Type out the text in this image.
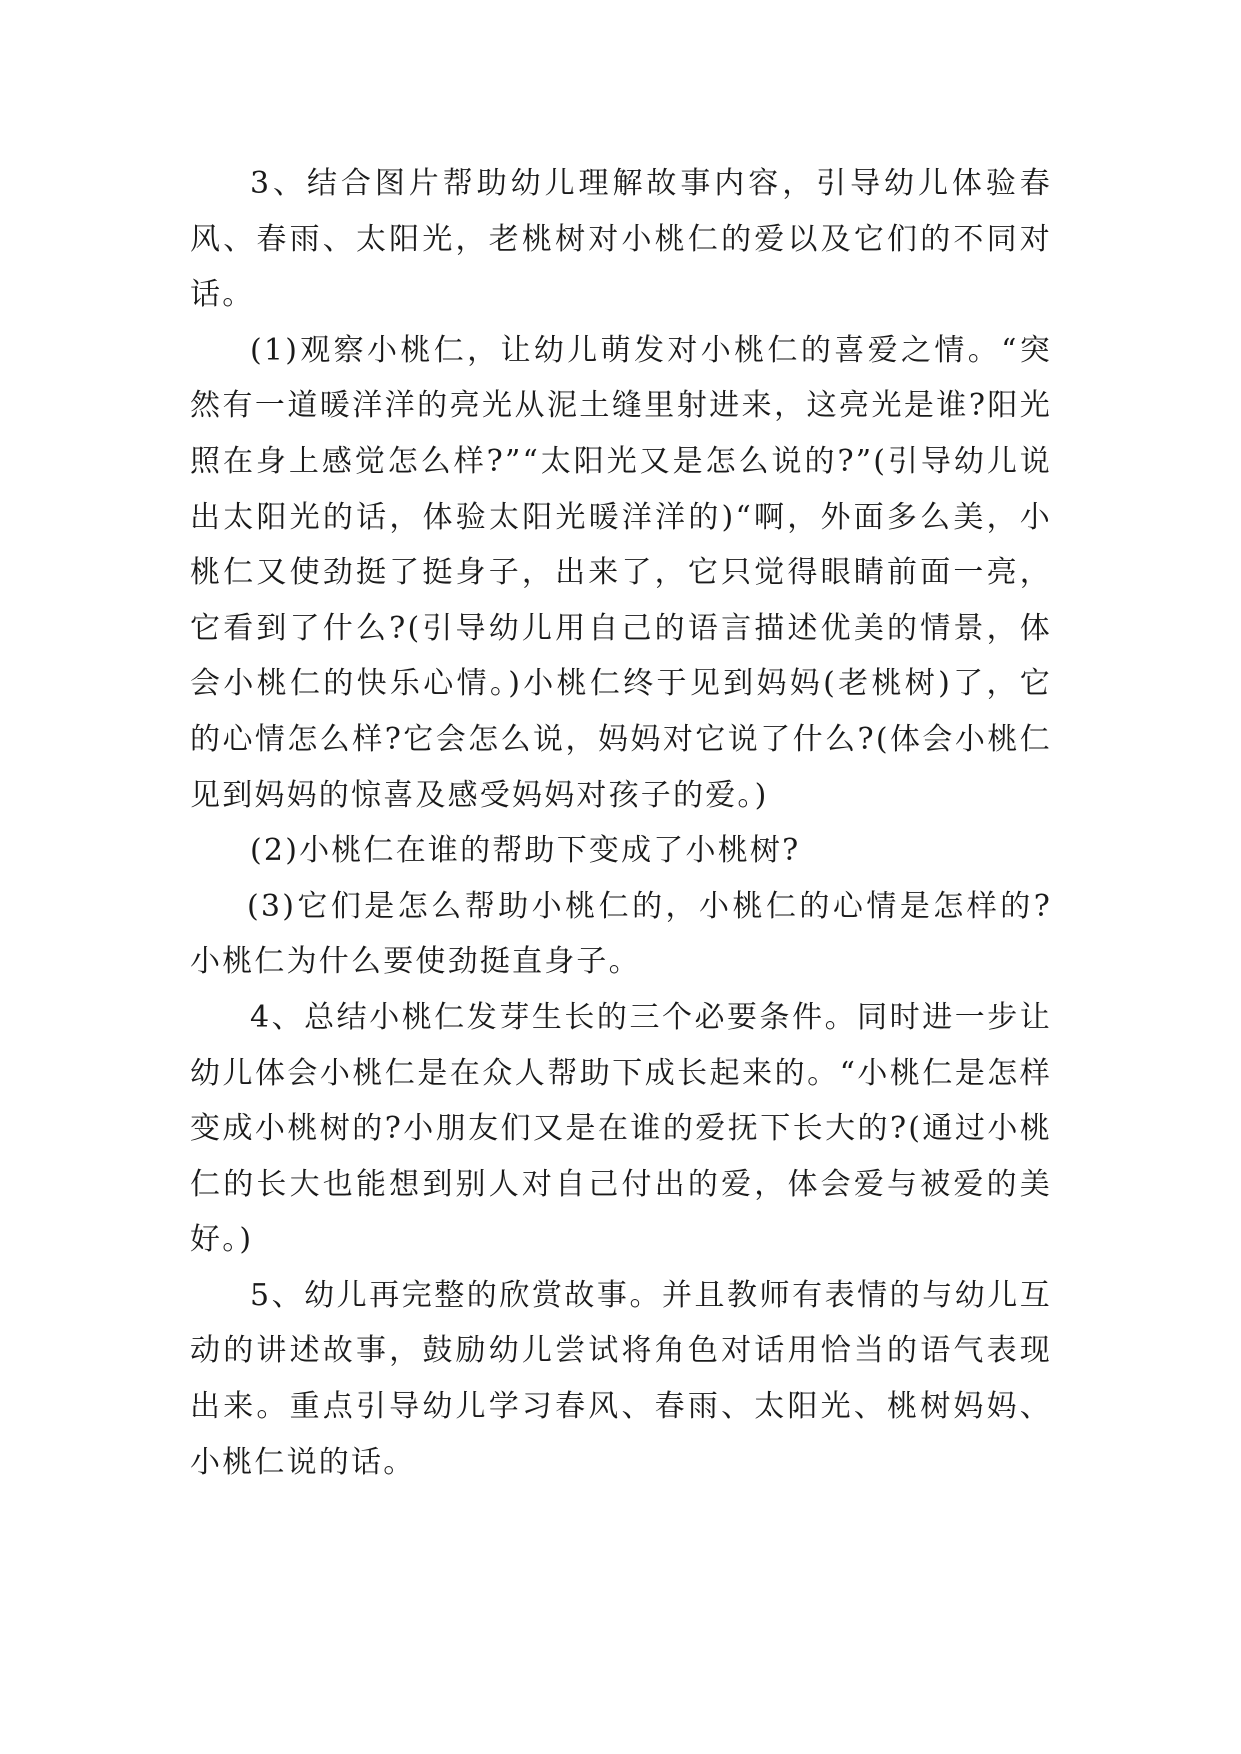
3、结合图片帮助幼儿理解故事内容，引导幼儿体验春风、春雨、太阳光，老桃树对小桃仁的爱以及它们的不同对话。

(1)观察小桃仁，让幼儿萌发对小桃仁的喜爱之情。“突然有一道暖洋洋的亮光从泥土缝里射进来，这亮光是谁?阳光照在身上感觉怎么样?”“太阳光又是怎么说的?”(引导幼儿说出太阳光的话，体验太阳光暖洋洋的)“啊，外面多么美，小桃仁又使劲挺了挺身子，出来了，它只觉得眼睛前面一亮，它看到了什么?(引导幼儿用自己的语言描述优美的情景，体会小桃仁的快乐心情。)小桃仁终于见到妈妈(老桃树)了，它的心情怎么样?它会怎么说，妈妈对它说了什么?(体会小桃仁见到妈妈的惊喜及感受妈妈对孩子的爱。)

(2)小桃仁在谁的帮助下变成了小桃树?

(3)它们是怎么帮助小桃仁的，小桃仁的心情是怎样的?小桃仁为什么要使劲挺直身子。

4、总结小桃仁发芽生长的三个必要条件。同时进一步让幼儿体会小桃仁是在众人帮助下成长起来的。“小桃仁是怎样变成小桃树的?小朋友们又是在谁的爱抚下长大的?(通过小桃仁的长大也能想到别人对自己付出的爱，体会爱与被爱的美好。)

5、幼儿再完整的欣赏故事。并且教师有表情的与幼儿互动的讲述故事，鼓励幼儿尝试将角色对话用恰当的语气表现出来。重点引导幼儿学习春风、春雨、太阳光、桃树妈妈、小桃仁说的话。
